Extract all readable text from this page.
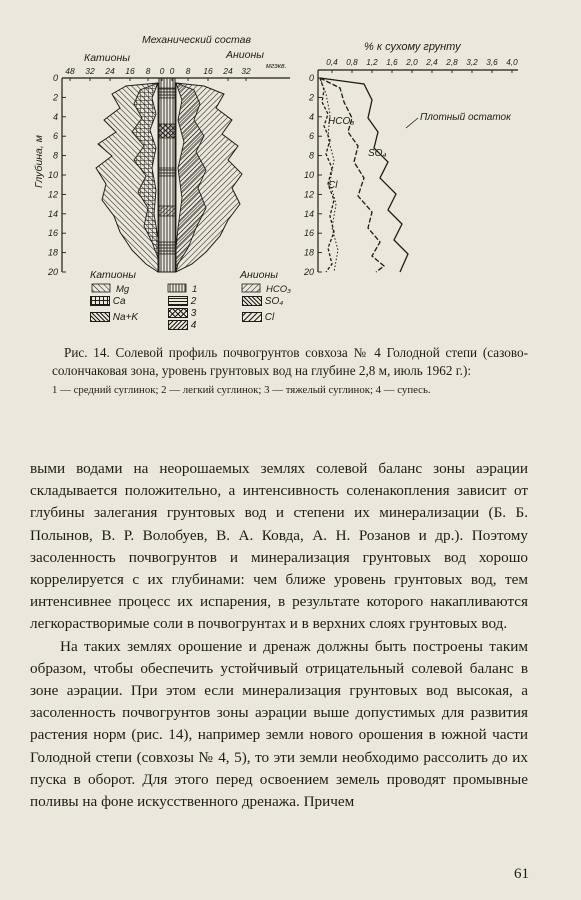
Катионы
Механический состав
Анионы
48 32 24 16 8 0 0 8 16 24 32 мгэкв.
0
2
4
6
8
10
12
14
16
18
20
Глубина, м
% к сухому грунту
0,4 0,8 1,2 1,6 2,0 2,4 2,8 3,2 3,6 4,0
0
2
4
6
8
10
12
14
16
18
20
HCO₃
SO₄
Cl
Плотный остаток
Катионы
Mg	1
Анионы
HCO₃
Ca
Na+K
2
3
4
SO₄
Cl
Рис. 14. Солевой профиль почвогрунтов совхоза № 4 Голодной степи (сазово-солончаковая зона, уровень грунтовых вод на глубине 2,8 м, июль 1962 г.):
1 — средний суглинок; 2 — легкий суглинок; 3 — тяжелый суглинок; 4 — супесь.

выми водами на неорошаемых землях солевой баланс зоны аэрации складывается положительно, а интенсивность соленакопления зависит от глубины залегания грунтовых вод и степени их минерализации (Б. Б. Полынов, В. Р. Волобуев, В. А. Ковда, А. Н. Розанов и др.). Поэтому засоленность почвогрунтов и минерализация грунтовых вод хорошо коррелируется с их глубинами: чем ближе уровень грунтовых вод, тем интенсивнее процесс их испарения, в результате которого накапливаются легкорастворимые соли в почвогрунтах и в верхних слоях грунтовых вод.

На таких землях орошение и дренаж должны быть построены таким образом, чтобы обеспечить устойчивый отрицательный солевой баланс в зоне аэрации. При этом если минерализация грунтовых вод высокая, а засоленность почвогрунтов зоны аэрации выше допустимых для развития растения норм (рис. 14), например земли нового орошения в южной части Голодной степи (совхозы № 4, 5), то эти земли необходимо рассолить до их пуска в оборот. Для этого перед освоением земель проводят промывные поливы на фоне искусственного дренажа. Причем

61
